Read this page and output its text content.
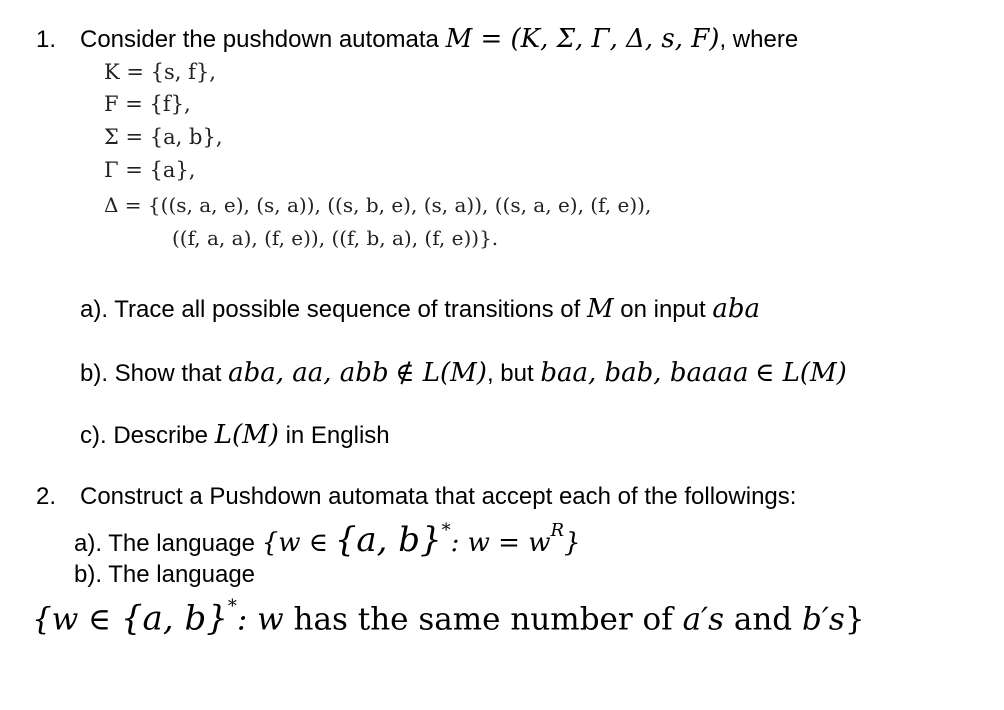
1. Consider the pushdown automata M = (K, Σ, Γ, Δ, s, F), where
K = {s, f},
F = {f},
Σ = {a, b},
Γ = {a},
Δ = {((s, a, e), (s, a)), ((s, b, e), (s, a)), ((s, a, e), (f, e)),
((f, a, a), (f, e)), ((f, b, a), (f, e))}.
a). Trace all possible sequence of transitions of M on input aba
b). Show that aba, aa, abb ∉ L(M), but baa, bab, baaaa ∈ L(M)
c). Describe L(M) in English
2. Construct a Pushdown automata that accept each of the followings:
a). The language {w ∈ {a, b}*: $w = w^R$}
b). The language
{w ∈ {a, b}*: w has the same number of a′s and b′s}
